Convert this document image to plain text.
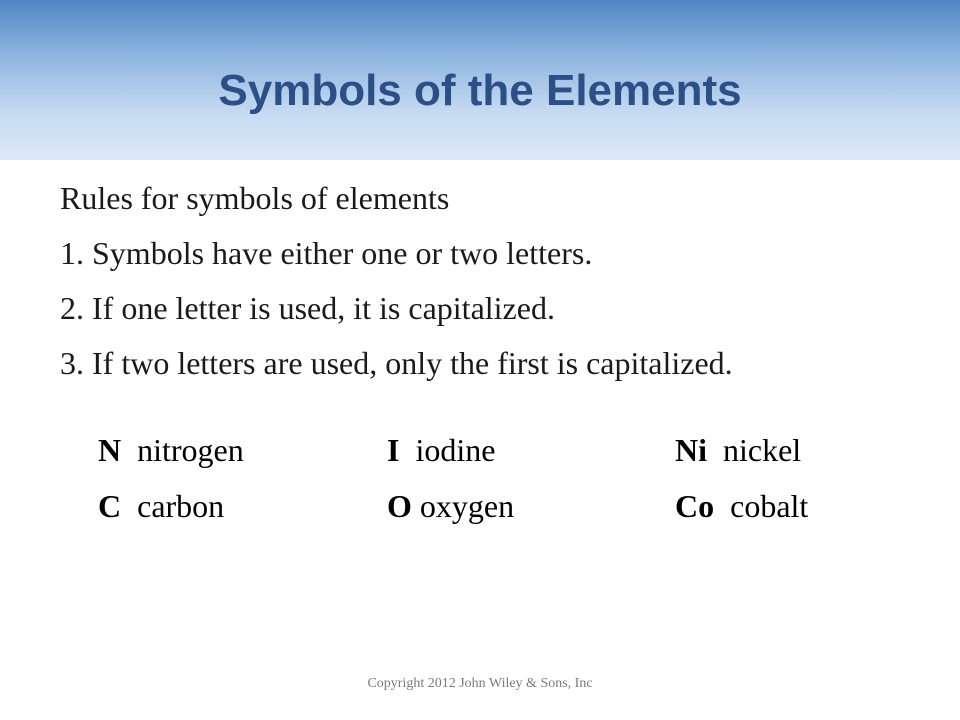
Symbols of the Elements
Rules for symbols of elements
1. Symbols have either one or two letters.
2. If one letter is used, it is capitalized.
3. If two letters are used, only the first is capitalized.
N nitrogen	I iodine	Ni nickel
C carbon	O oxygen	Co cobalt
Copyright 2012 John Wiley & Sons, Inc
